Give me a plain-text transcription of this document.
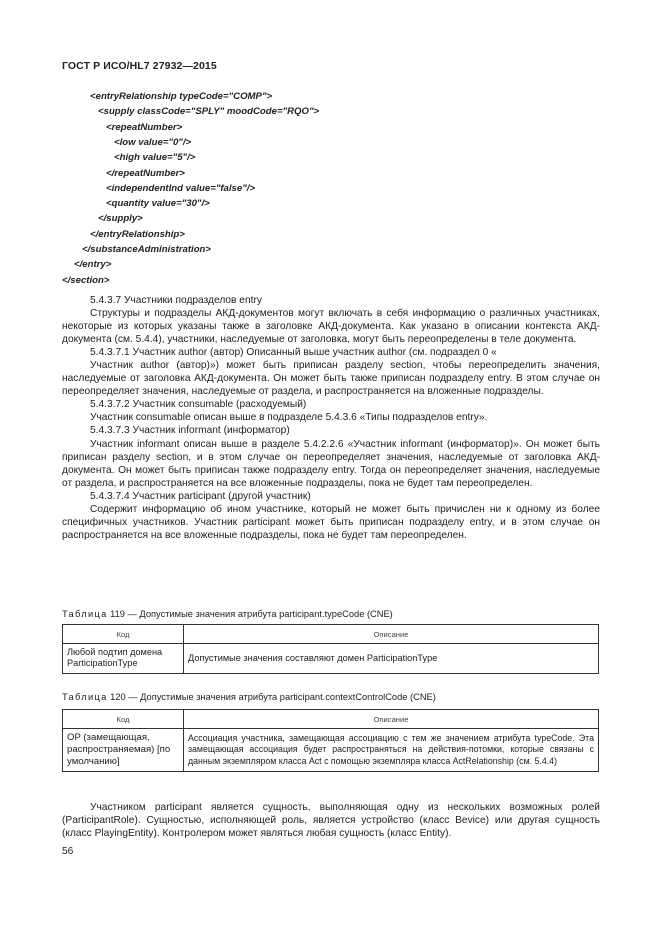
ГОСТ Р ИСО/HL7 27932—2015
<entryRelationship typeCode="COMP">
<supply classCode="SPLY" moodCode="RQO">
<repeatNumber>
<low value="0"/>
<high value="5"/>
</repeatNumber>
<independentInd value="false"/>
<quantity value="30"/>
</supply>
</entryRelationship>
</substanceAdministration>
</entry>
</section>

5.4.3.7 Участники подразделов entry

Структуры и подразделы АКД-документов могут включать в себя информацию о различных участниках, некоторые из которых указаны также в заголовке АКД-документа. Как указано в описании контекста АКД-документа (см. 5.4.4), участники, наследуемые от заголовка, могут быть переопределены в теле документа.

5.4.3.7.1 Участник author (автор) Описанный выше участник author (см. подраздел 0 «

Участник author (автор)») может быть приписан разделу section, чтобы переопределить значения, наследуемые от заголовка АКД-документа. Он может быть также приписан подразделу entry. В этом случае он переопределяет значения, наследуемые от раздела, и распространяется на вложенные подразделы.

5.4.3.7.2 Участник consumable (расходуемый)

Участник consumable описан выше в подразделе 5.4.3.6 «Типы подразделов entry».

5.4.3.7.3 Участник informant (информатор)

Участник informant описан выше в разделе 5.4.2.2.6 «Участник informant (информатор)». Он может быть приписан разделу section, и в этом случае он переопределяет значения, наследуемые от заголовка АКД-документа. Он может быть приписан также подразделу entry. Тогда он переопределяет значения, наследуемые от раздела, и распространяется на все вложенные подразделы, пока не будет там переопределен.

5.4.3.7.4 Участник participant (другой участник)

Содержит информацию об ином участнике, который не может быть причислен ни к одному из более специфичных участников. Участник participant может быть приписан подразделу entry, и в этом случае он распространяется на все вложенные подразделы, пока не будет там переопределен.

Таблица 119 — Допустимые значения атрибута participant.typeCode (CNE)
Код	Описание
Любой подтип домена ParticipationType	Допустимые значения составляют домен ParticipationType
Таблица 120 — Допустимые значения атрибута participant.contextControlCode (CNE)
Код	Описание
OP (замещающая, распространяемая) [по умолчанию]	Ассоциация участника, замещающая ассоциацию с тем же значением атрибута typeCode. Эта замещающая ассоциация будет распространяться на действия-потомки, которые связаны с данным экземпляром класса Act с помощью экземпляра класса ActRelationship (см. 5.4.4)

Участником participant является сущность, выполняющая одну из нескольких возможных ролей (ParticipantRole). Сущностью, исполняющей роль, является устройство (класс Bevice) или другая сущность (класс PlayingEntity). Контролером может являться любая сущность (класс Entity).

56
